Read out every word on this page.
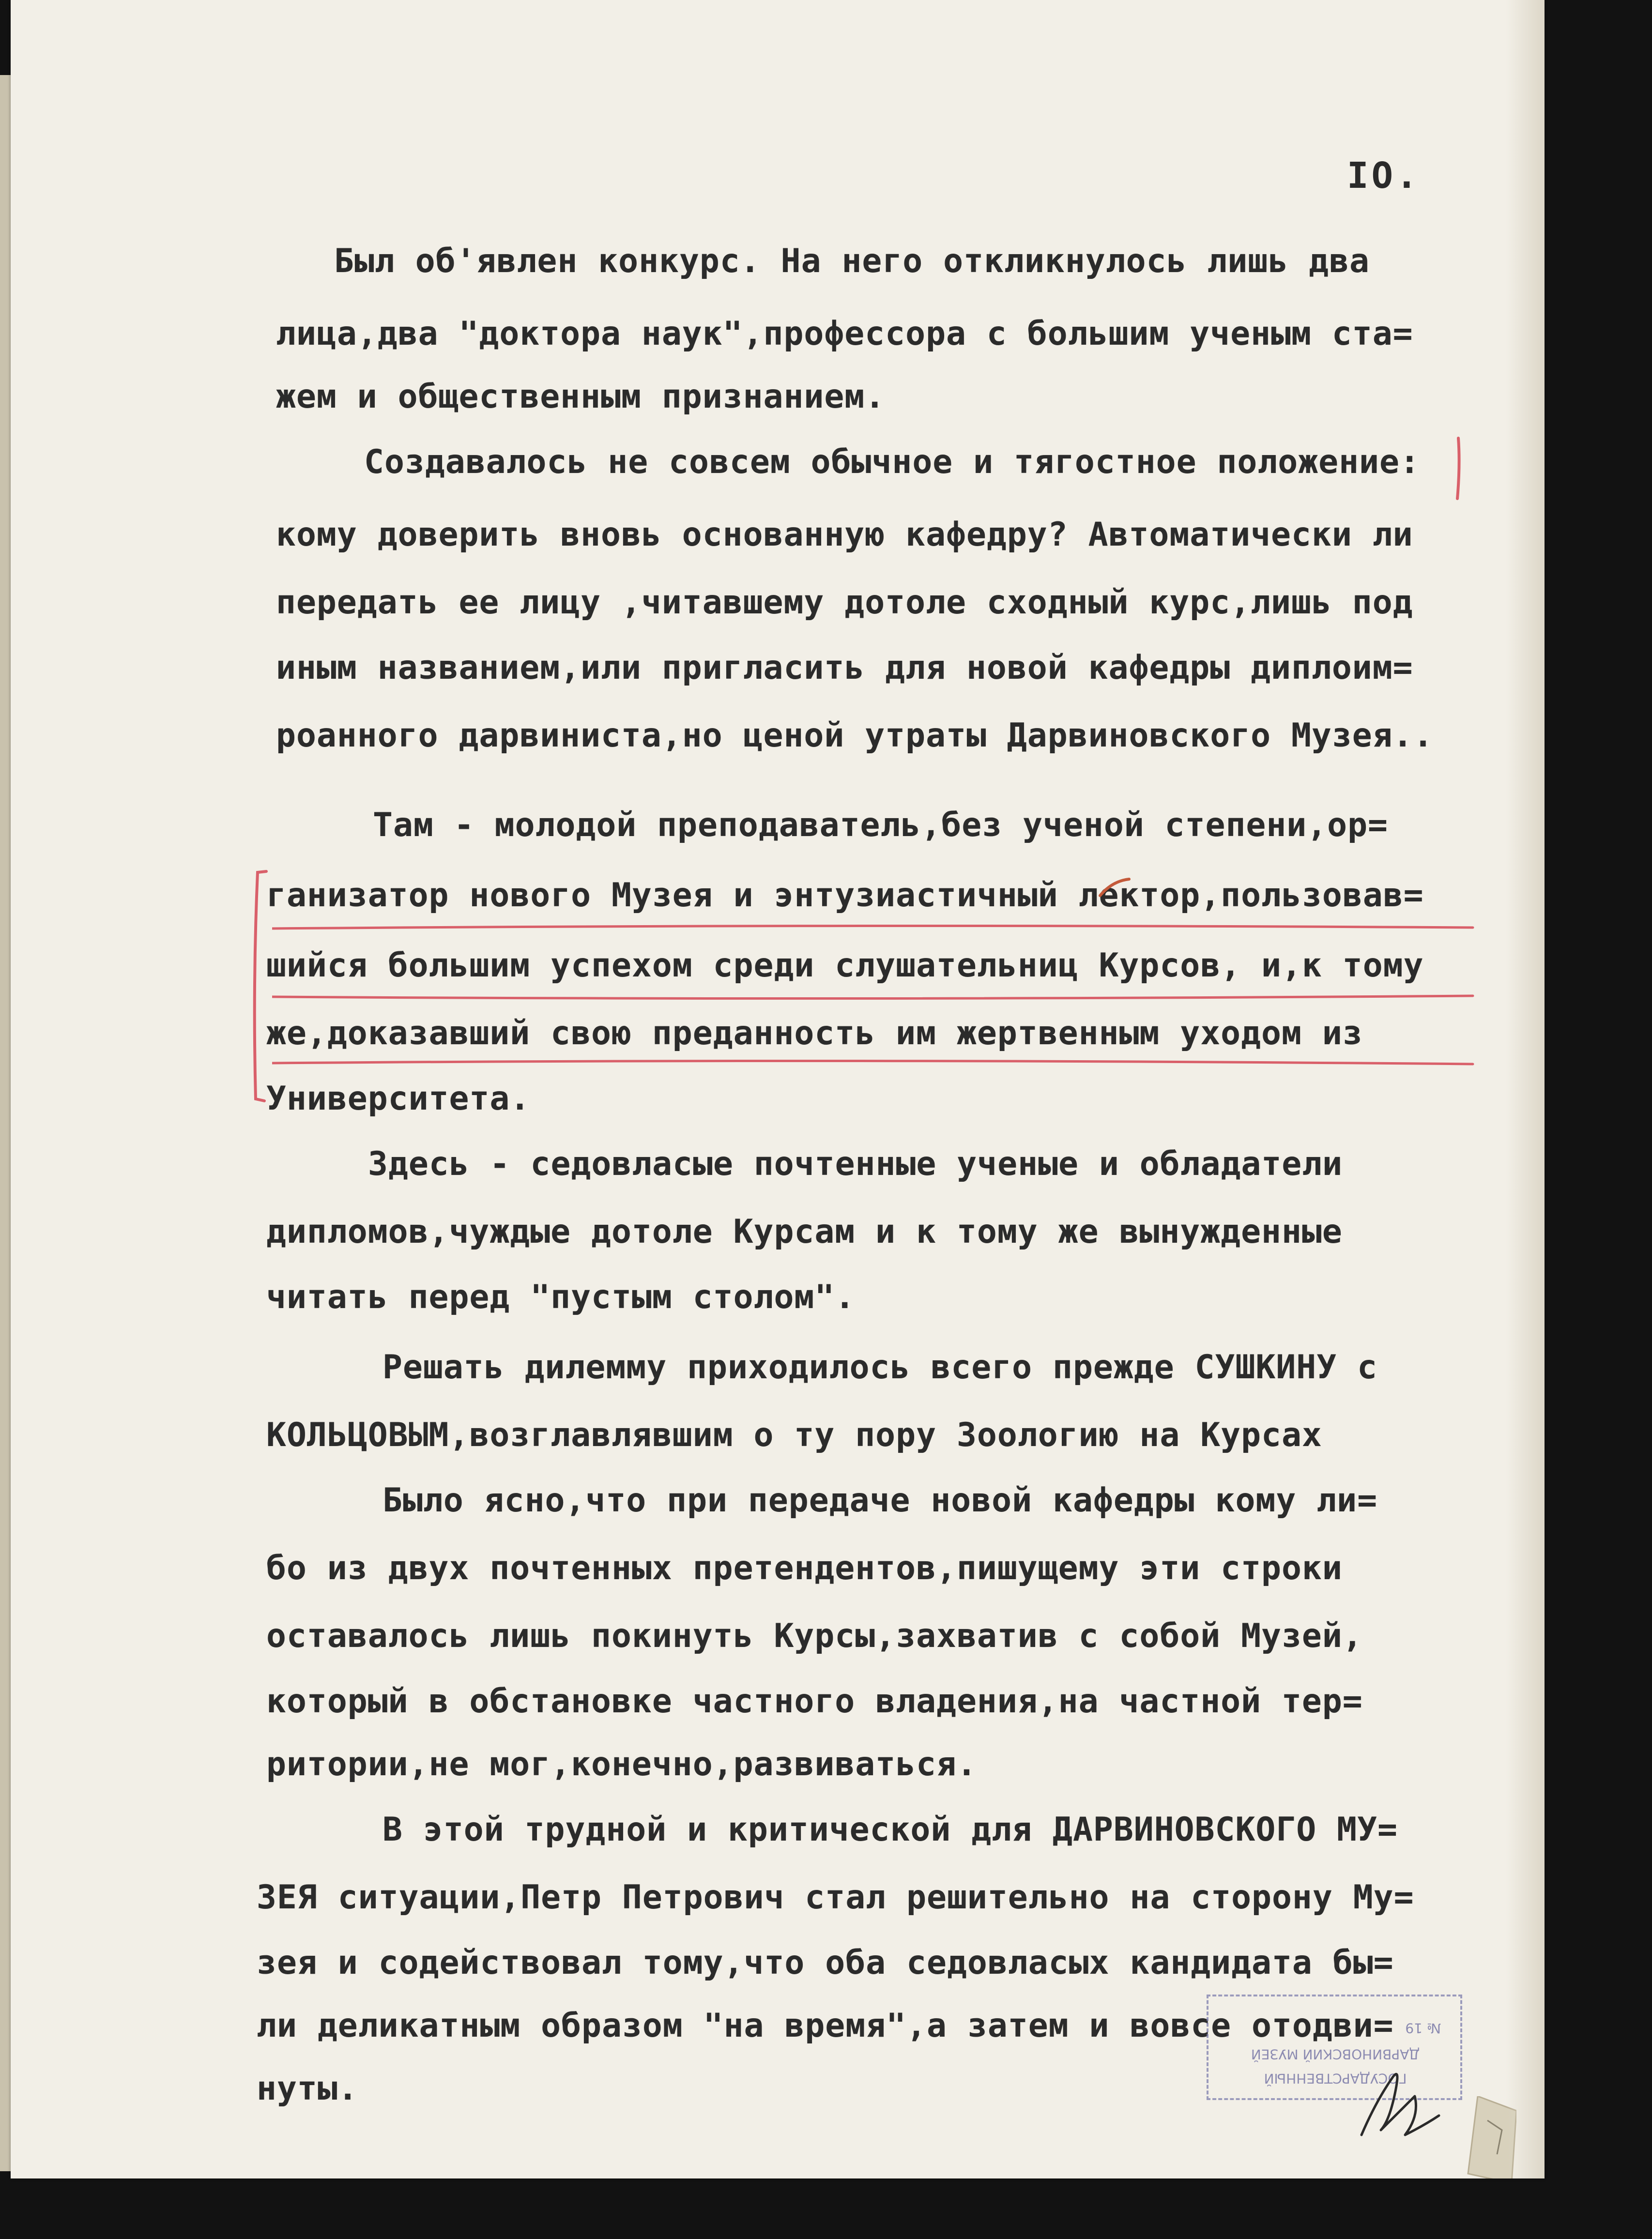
IO.
Был об'явлен конкурс. На него откликнулось лишь два
лица,два "доктора наук",профессора с большим ученым ста=
жем и общественным признанием.
Создавалось не совсем обычное и тягостное положение:
кому доверить вновь основанную кафедру? Автоматически ли
передать ее лицу ,читавшему дотоле сходный курс,лишь под
иным названием,или пригласить для новой кафедры диплоим=
роанного дарвиниста,но ценой утраты Дарвиновского Музея..
Там - молодой преподаватель,без ученой степени,ор=
ганизатор нового Музея и энтузиастичный лектор,пользовав=
шийся большим успехом среди слушательниц Курсов, и,к тому
же,доказавший свою преданность им жертвенным уходом из
Университета.
Здесь - седовласые почтенные ученые и обладатели
дипломов,чуждые дотоле Курсам и к тому же вынужденные
читать перед "пустым столом".
Решать дилемму приходилось всего прежде СУШКИНУ с
КОЛЬЦОВЫМ,возглавлявшим о ту пору Зоологию на Курсах
Было ясно,что при передаче новой кафедры кому ли=
бо из двух почтенных претендентов,пишущему эти строки
оставалось лишь покинуть Курсы,захватив с собой Музей,
который в обстановке частного владения,на частной тер=
ритории,не мог,конечно,развиваться.
В этой трудной и критической для ДАРВИНОВСКОГО МУ=
ЗЕЯ ситуации,Петр Петрович стал решительно на сторону Му=
зея и содействовал тому,что оба седовласых кандидата бы=
ли деликатным образом "на время",а затем и вовсе отодви=
нуты.	ГОСУДАРСТВЕННЫЙ
ДАРВИНОВСКИЙ МУЗЕЙ
№ 19
